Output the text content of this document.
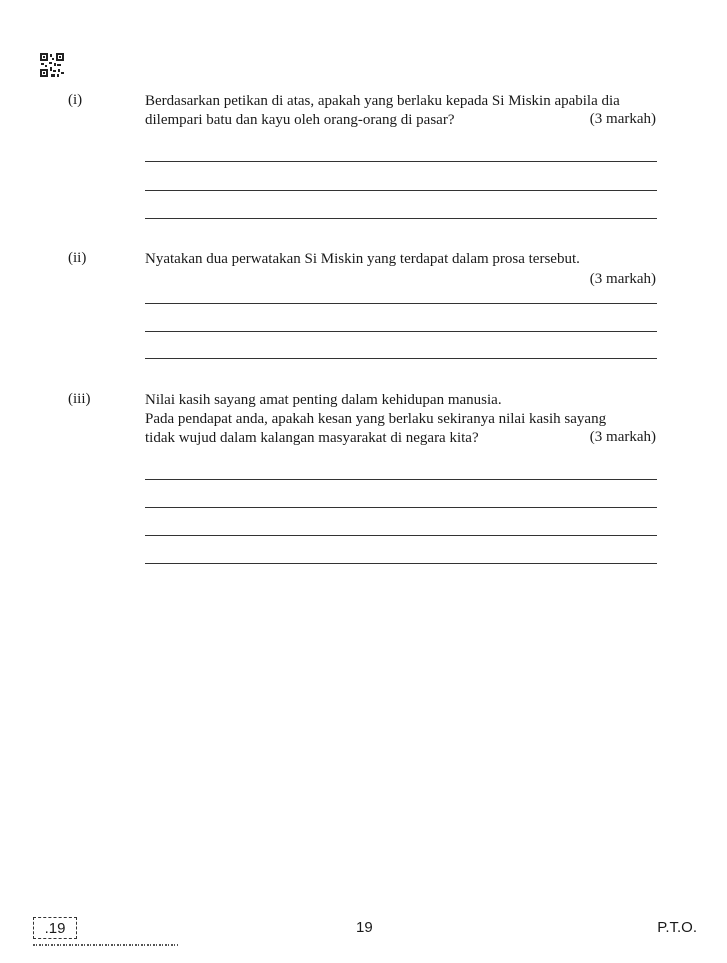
(i)	Berdasarkan petikan di atas, apakah yang berlaku kepada Si Miskin apabila dia
dilempari batu dan kayu oleh orang-orang di pasar?	(3 markah)
(ii)	Nyatakan dua perwatakan Si Miskin yang terdapat dalam prosa tersebut.
(3 markah)
(iii)	Nilai kasih sayang amat penting dalam kehidupan manusia.
Pada pendapat anda, apakah kesan yang berlaku sekiranya nilai kasih sayang
tidak wujud dalam kalangan masyarakat di negara kita?	(3 markah)
.19	19	P.T.O.
